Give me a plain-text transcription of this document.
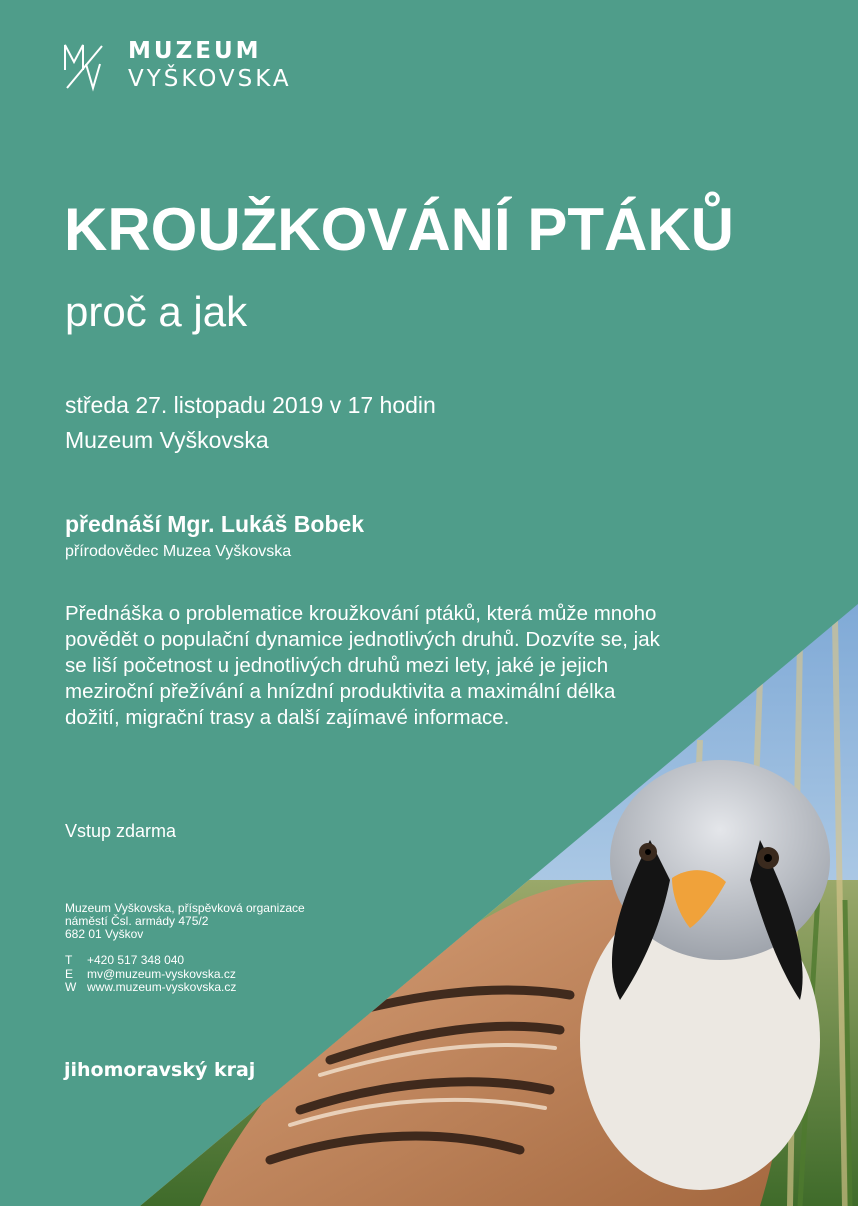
MUZEUM
VYŠKOVSKA
KROUŽKOVÁNÍ PTÁKŮ
proč a jak
středa 27. listopadu 2019 v 17 hodin
Muzeum Vyškovska
přednáší Mgr. Lukáš Bobek
přírodovědec Muzea Vyškovska

Přednáška o problematice kroužkování ptáků, která může mnoho
povědět o populační dynamice jednotlivých druhů. Dozvíte se, jak
se liší početnost u jednotlivých druhů mezi lety, jaké je jejich
meziroční přežívání a hnízdní produktivita a maximální délka
dožití, migrační trasy a další zajímavé informace.

Vstup zdarma
Muzeum Vyškovska, příspěvková organizace
náměstí Čsl. armády 475/2
682 01 Vyškov
T +420 517 348 040
E mv@muzeum-vyskovska.cz
W www.muzeum-vyskovska.cz
jihomoravský kraj
